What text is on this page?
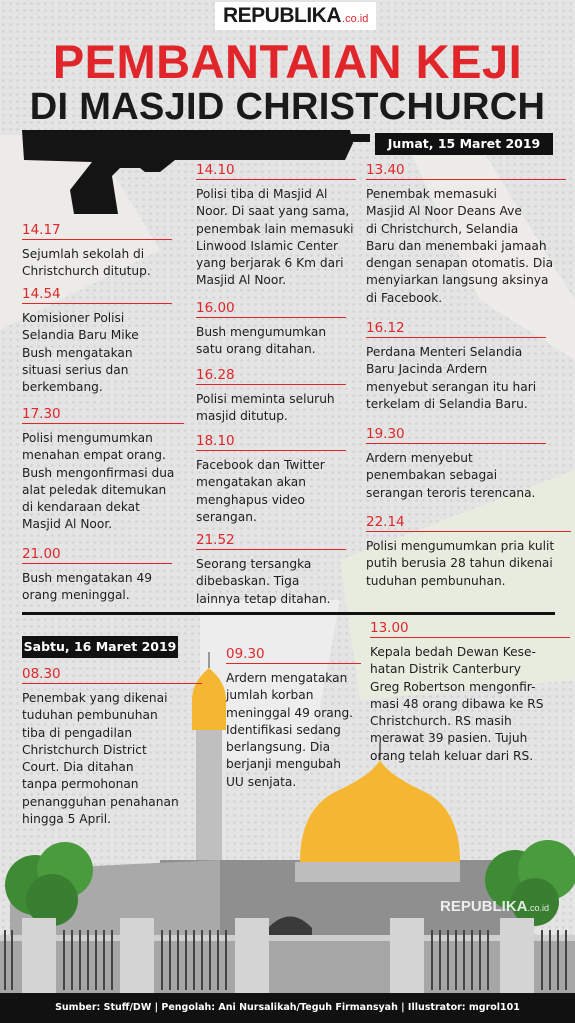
REPUBLIKA .co.id
PEMBANTAIAN KEJI
DI MASJID CHRISTCHURCH
Jumat, 15 Maret 2019
14.17
Sejumlah sekolah di
Christchurch ditutup.
14.54
Komisioner Polisi
Selandia Baru Mike
Bush mengatakan
situasi serius dan
berkembang.
17.30
Polisi mengumumkan
menahan empat orang.
Bush mengonfirmasi dua
alat peledak ditemukan
di kendaraan dekat
Masjid Al Noor.
21.00
Bush mengatakan 49
orang meninggal.
14.10
Polisi tiba di Masjid Al
Noor. Di saat yang sama,
penembak lain memasuki
Linwood Islamic Center
yang berjarak 6 Km dari
Masjid Al Noor.
16.00
Bush mengumumkan
satu orang ditahan.
16.28
Polisi meminta seluruh
masjid ditutup.
18.10
Facebook dan Twitter
mengatakan akan
menghapus video
serangan.
21.52
Seorang tersangka
dibebaskan. Tiga
lainnya tetap ditahan.
13.40
Penembak memasuki
Masjid Al Noor Deans Ave
di Christchurch, Selandia
Baru dan menembaki jamaah
dengan senapan otomatis. Dia
menyiarkan langsung aksinya
di Facebook.
16.12
Perdana Menteri Selandia
Baru Jacinda Ardern
menyebut serangan itu hari
terkelam di Selandia Baru.
19.30
Ardern menyebut
penembakan sebagai
serangan teroris terencana.
22.14
Polisi mengumumkan pria kulit
putih berusia 28 tahun dikenai
tuduhan pembunuhan.
Sabtu, 16 Maret 2019
08.30
Penembak yang dikenai
tuduhan pembunuhan
tiba di pengadilan
Christchurch District
Court. Dia ditahan
tanpa permohonan
penangguhan penahanan
hingga 5 April.
09.30
Ardern mengatakan
jumlah korban
meninggal 49 orang.
Identifikasi sedang
berlangsung. Dia
berjanji mengubah
UU senjata.
13.00
Kepala bedah Dewan Kese-
hatan Distrik Canterbury
Greg Robertson mengonfir-
masi 48 orang dibawa ke RS
Christchurch. RS masih
merawat 39 pasien. Tujuh
orang telah keluar dari RS.
REPUBLIKA.co.id
Sumber: Stuff/DW | Pengolah: Ani Nursalikah/Teguh Firmansyah | Illustrator: mgrol101
